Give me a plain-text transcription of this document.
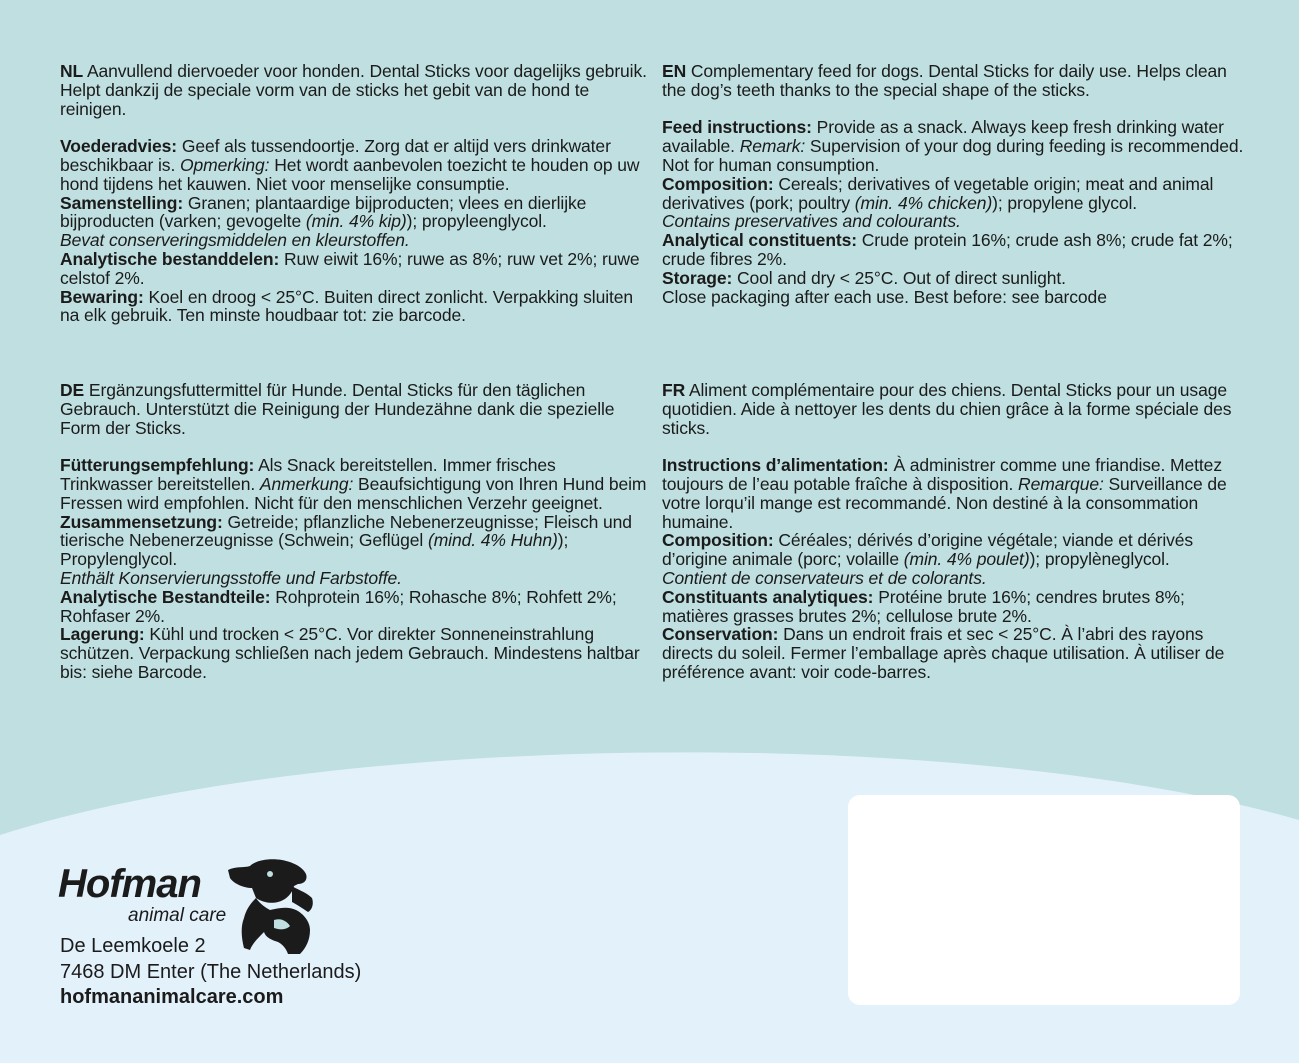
NL Aanvullend diervoeder voor honden. Dental Sticks voor dagelijks gebruik. Helpt dankzij de speciale vorm van de sticks het gebit van de hond te reinigen.

Voederadvies: Geef als tussendoortje. Zorg dat er altijd vers drinkwater beschikbaar is. Opmerking: Het wordt aanbevolen toezicht te houden op uw hond tijdens het kauwen. Niet voor menselijke consumptie.

Samenstelling: Granen; plantaardige bijproducten; vlees en dierlijke bijproducten (varken; gevogelte (min. 4% kip)); propyleenglycol.

Bevat conserveringsmiddelen en kleurstoffen.

Analytische bestanddelen: Ruw eiwit 16%; ruwe as 8%; ruw vet 2%; ruwe celstof 2%.

Bewaring: Koel en droog < 25°C. Buiten direct zonlicht. Verpakking sluiten na elk gebruik. Ten minste houdbaar tot: zie barcode.

EN Complementary feed for dogs. Dental Sticks for daily use. Helps clean the dog’s teeth thanks to the special shape of the sticks.

Feed instructions: Provide as a snack. Always keep fresh drinking water available. Remark: Supervision of your dog during feeding is recommended. Not for human consumption.

Composition: Cereals; derivatives of vegetable origin; meat and animal derivatives (pork; poultry (min. 4% chicken)); propylene glycol.

Contains preservatives and colourants.

Analytical constituents: Crude protein 16%; crude ash 8%; crude fat 2%; crude fibres 2%.

Storage: Cool and dry < 25°C. Out of direct sunlight.

Close packaging after each use. Best before: see barcode

DE Ergänzungsfuttermittel für Hunde. Dental Sticks für den täglichen Gebrauch. Unterstützt die Reinigung der Hundezähne dank die spezielle Form der Sticks.

Fütterungsempfehlung: Als Snack bereitstellen. Immer frisches Trinkwasser bereitstellen. Anmerkung: Beaufsichtigung von Ihren Hund beim Fressen wird empfohlen. Nicht für den menschlichen Verzehr geeignet.

Zusammensetzung: Getreide; pflanzliche Nebenerzeugnisse; Fleisch und tierische Nebenerzeugnisse (Schwein; Geflügel (mind. 4% Huhn)); Propylenglycol.

Enthält Konservierungsstoffe und Farbstoffe.

Analytische Bestandteile: Rohprotein 16%; Rohasche 8%; Rohfett 2%; Rohfaser 2%.

Lagerung: Kühl und trocken < 25°C. Vor direkter Sonneneinstrahlung schützen. Verpackung schließen nach jedem Gebrauch. Mindestens haltbar bis: siehe Barcode.

FR Aliment complémentaire pour des chiens. Dental Sticks pour un usage quotidien. Aide à nettoyer les dents du chien grâce à la forme spéciale des sticks.

Instructions d’alimentation: À administrer comme une friandise. Mettez toujours de l’eau potable fraîche à disposition. Remarque: Surveillance de votre lorqu’il mange est recommandé. Non destiné à la consommation humaine.

Composition: Céréales; dérivés d’origine végétale; viande et dérivés d’origine animale (porc; volaille (min. 4% poulet)); propylèneglycol.

Contient de conservateurs et de colorants.

Constituants analytiques: Protéine brute 16%; cendres brutes 8%; matières grasses brutes 2%; cellulose brute 2%.

Conservation: Dans un endroit frais et sec < 25°C. À l’abri des rayons directs du soleil. Fermer l’emballage après chaque utilisation. À utiliser de préférence avant: voir code-barres.

Hofman
animal care
De Leemkoele 2
7468 DM Enter (The Netherlands)
hofmananimalcare.com
